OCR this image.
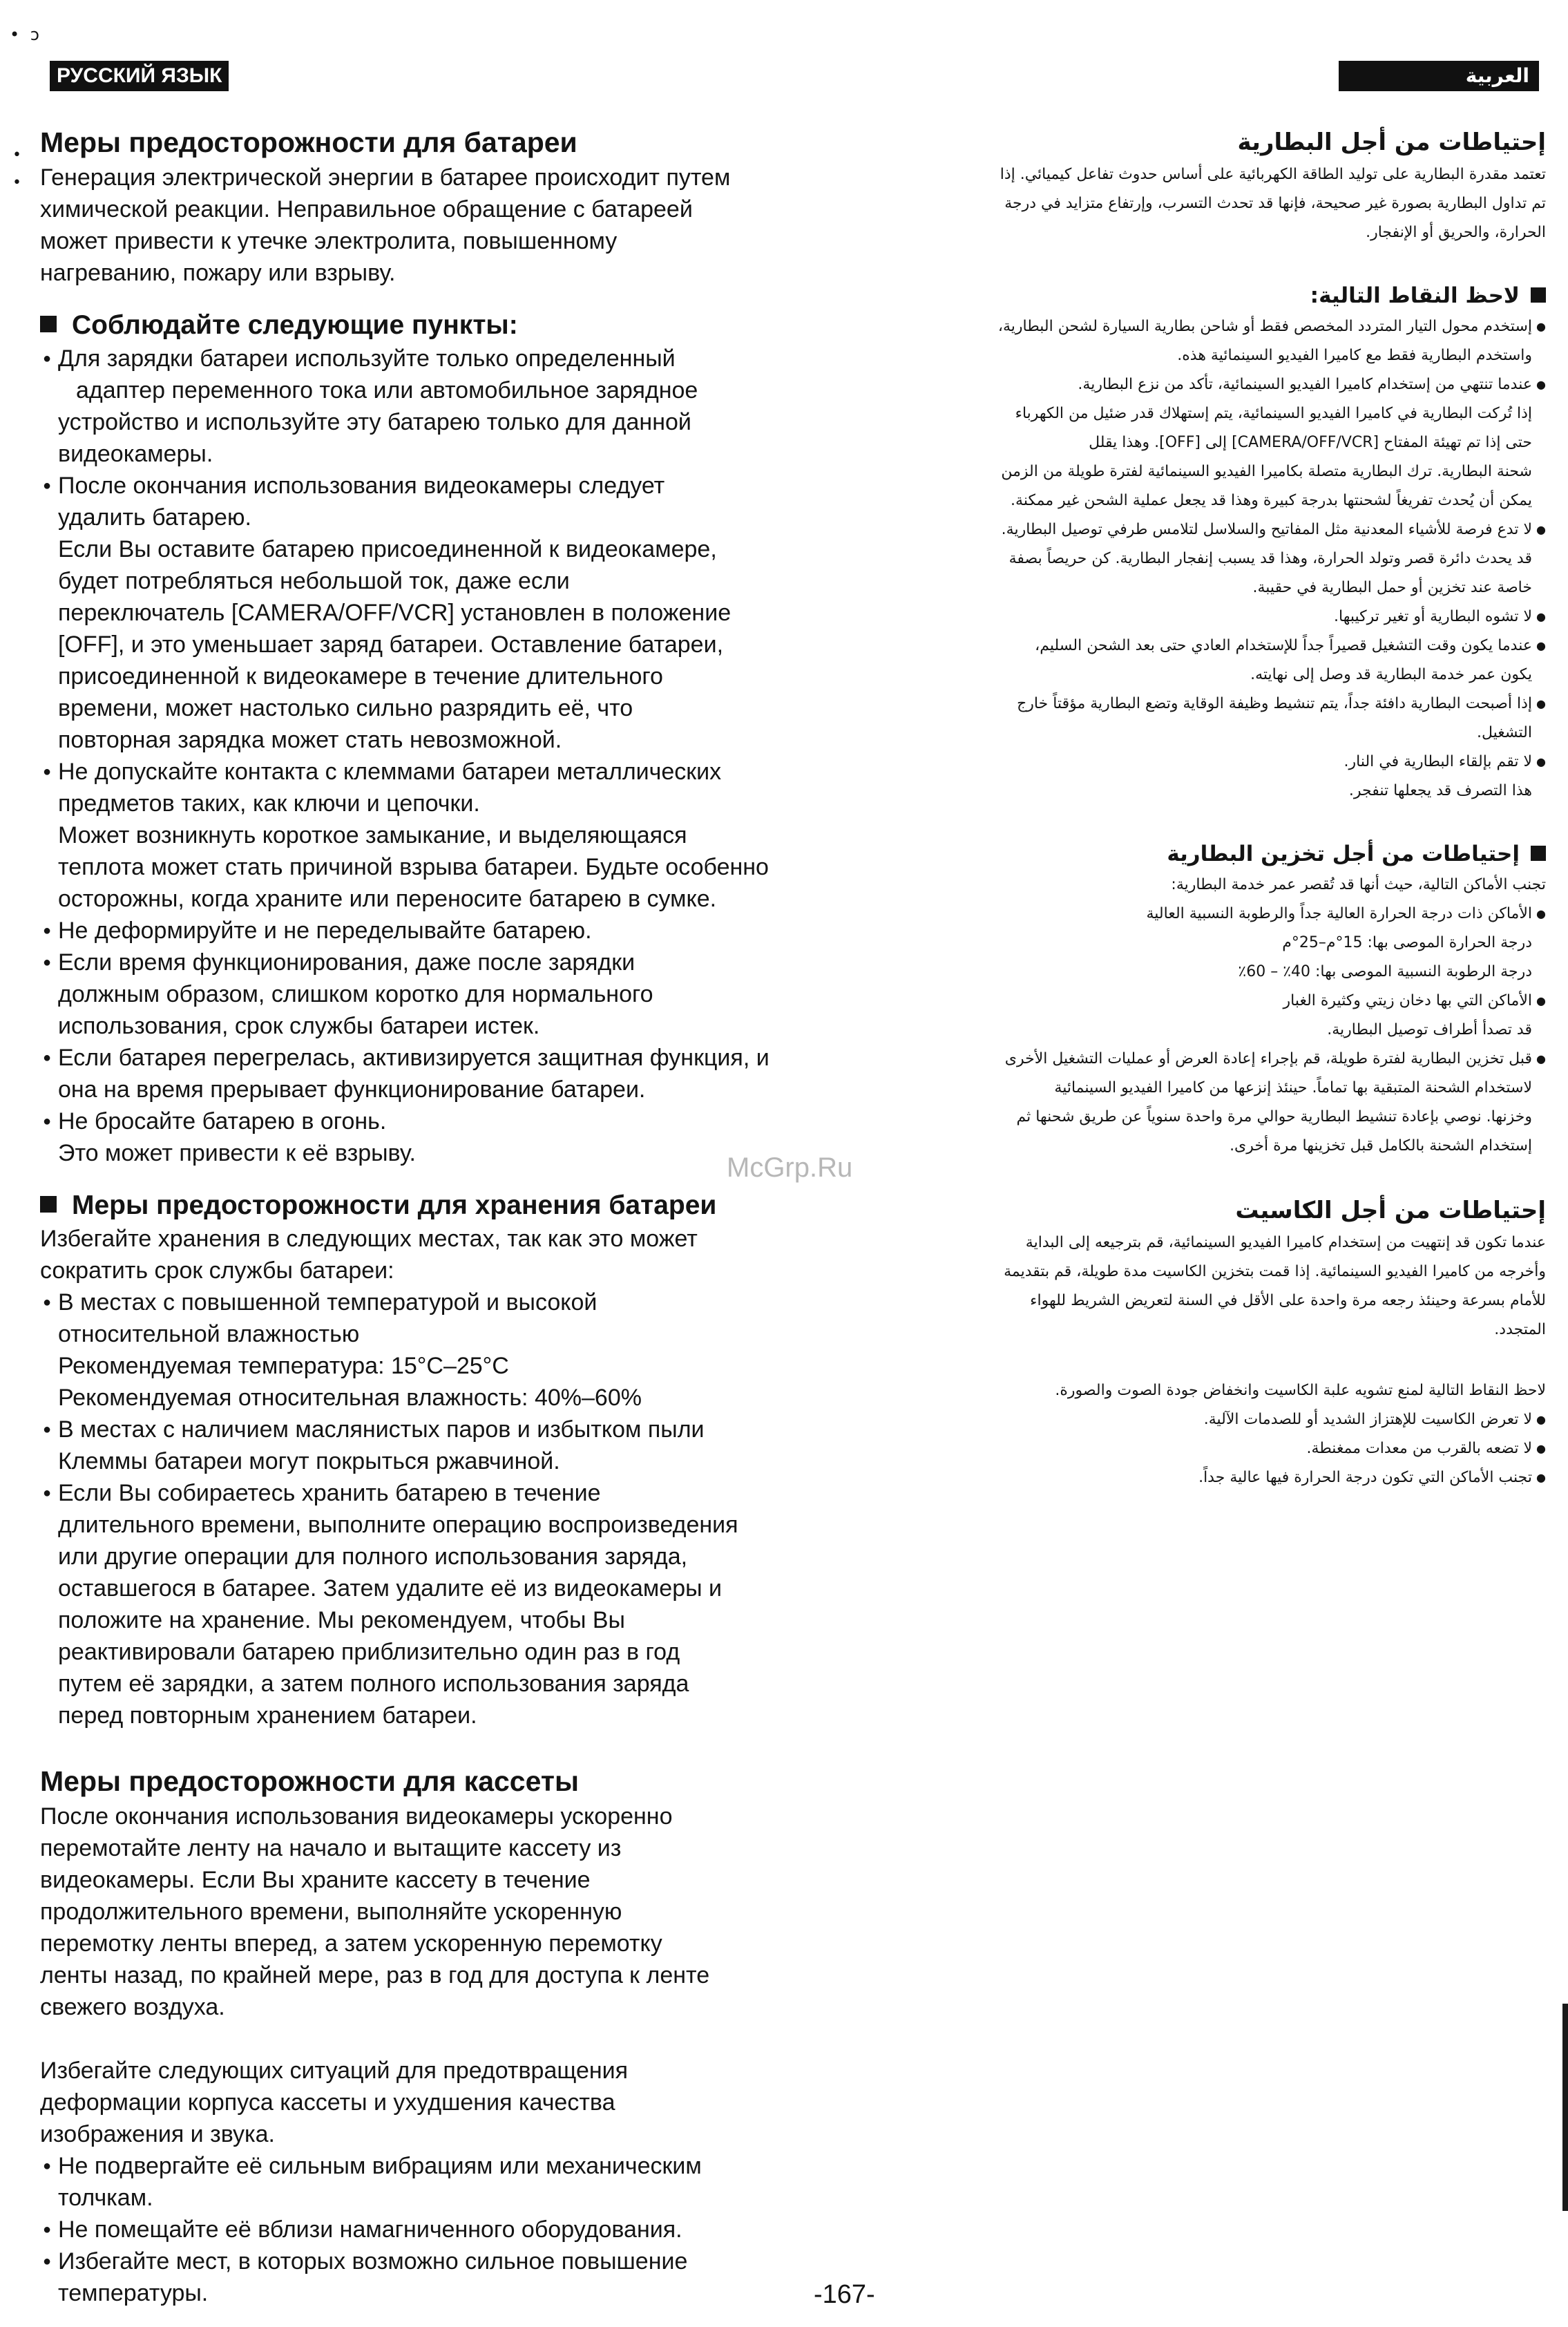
• ɔ
РУССКИЙ ЯЗЫК	العربية
•
•
Меры предосторожности для батареи

Генерация электрической энергии в батарее происходит путем

химической реакции. Неправильное обращение с батареей

может привести к утечке электролита, повышенному

нагреванию, пожару или взрыву.

Соблюдайте следующие пункты:

● Для зарядки батареи используйте только определенный

адаптер переменного тока или автомобильное зарядное

устройство и используйте эту батарею только для данной

видеокамеры.

● После окончания использования видеокамеры следует

удалить батарею.

Если Вы оставите батарею присоединенной к видеокамере,

будет потребляться небольшой ток, даже если

переключатель [CAMERA/OFF/VCR] установлен в положение

[OFF], и это уменьшает заряд батареи. Оставление батареи,

присоединенной к видеокамере в течение длительного

времени, может настолько сильно разрядить её, что

повторная зарядка может стать невозможной.

● Не допускайте контакта с клеммами батареи металлических

предметов таких, как ключи и цепочки.

Может возникнуть короткое замыкание, и выделяющаяся

теплота может стать причиной взрыва батареи. Будьте особенно

осторожны, когда храните или переносите батарею в сумке.

● Не деформируйте и не переделывайте батарею.

● Если время функционирования, даже после зарядки

должным образом, слишком коротко для нормального

использования, срок службы батареи истек.

● Если батарея перегрелась, активизируется защитная функция, и

она на время прерывает функционирование батареи.

● Не бросайте батарею в огонь.

Это может привести к её взрыву.

Меры предосторожности для хранения батареи

Избегайте хранения в следующих местах, так как это может

сократить срок службы батареи:

● В местах с повышенной температурой и высокой

относительной влажностью

Рекомендуемая температура: 15°C–25°C

Рекомендуемая относительная влажность: 40%–60%

● В местах с наличием маслянистых паров и избытком пыли

Клеммы батареи могут покрыться ржавчиной.

● Если Вы собираетесь хранить батарею в течение

длительного времени, выполните операцию воспроизведения

или другие операции для полного использования заряда,

оставшегося в батарее. Затем удалите её из видеокамеры и

положите на хранение. Мы рекомендуем, чтобы Вы

реактивировали батарею приблизительно один раз в год

путем её зарядки, а затем полного использования заряда

перед повторным хранением батареи.

Меры предосторожности для кассеты

После окончания использования видеокамеры ускоренно

перемотайте ленту на начало и вытащите кассету из

видеокамеры. Если Вы храните кассету в течение

продолжительного времени, выполняйте ускоренную

перемотку ленты вперед, а затем ускоренную перемотку

ленты назад, по крайней мере, раз в год для доступа к ленте

свежего воздуха.

Избегайте следующих ситуаций для предотвращения

деформации корпуса кассеты и ухудшения качества

изображения и звука.

● Не подвергайте её сильным вибрациям или механическим

толчкам.

● Не помещайте её вблизи намагниченного оборудования.

● Избегайте мест, в которых возможно сильное повышение

температуры.

إحتياطات من أجل البطارية

تعتمد مقدرة البطارية على توليد الطاقة الكهربائية على أساس حدوث تفاعل كيميائي. إذا

تم تداول البطارية بصورة غير صحيحة، فإنها قد تحدث التسرب، وإرتفاع متزايد في درجة

الحرارة، والحريق أو الإنفجار.

لاحظ النقاط التالية:

● إستخدم محول التيار المتردد المخصص فقط أو شاحن بطارية السيارة لشحن البطارية،

واستخدم البطارية فقط مع كاميرا الفيديو السينمائية هذه.

● عندما تنتهي من إستخدام كاميرا الفيديو السينمائية، تأكد من نزع البطارية.

إذا تُركت البطارية في كاميرا الفيديو السينمائية، يتم إستهلاك قدر ضئيل من الكهرباء

حتى إذا تم تهيئة المفتاح [CAMERA/OFF/VCR] إلى [OFF]. وهذا يقلل

شحنة البطارية. ترك البطارية متصلة بكاميرا الفيديو السينمائية لفترة طويلة من الزمن

يمكن أن يُحدث تفريغاً لشحنتها بدرجة كبيرة وهذا قد يجعل عملية الشحن غير ممكنة.

● لا تدع فرصة للأشياء المعدنية مثل المفاتيح والسلاسل لتلامس طرفي توصيل البطارية.

قد يحدث دائرة قصر وتولد الحرارة، وهذا قد يسبب إنفجار البطارية. كن حريصاً بصفة

خاصة عند تخزين أو حمل البطارية في حقيبة.

● لا تشوه البطارية أو تغير تركيبها.

● عندما يكون وقت التشغيل قصيراً جداً للإستخدام العادي حتى بعد الشحن السليم،

يكون عمر خدمة البطارية قد وصل إلى نهايته.

● إذا أصبحت البطارية دافئة جداً، يتم تنشيط وظيفة الوقاية وتضع البطارية مؤقتاً خارج

التشغيل.

● لا تقم بإلقاء البطارية في النار.

هذا التصرف قد يجعلها تنفجر.

إحتياطات من أجل تخزين البطارية

تجنب الأماكن التالية، حيث أنها قد تُقصر عمر خدمة البطارية:

● الأماكن ذات درجة الحرارة العالية جداً والرطوبة النسبية العالية

درجة الحرارة الموصى بها: 15°م–25°م

درجة الرطوبة النسبية الموصى بها: 40٪ – 60٪

● الأماكن التي بها دخان زيتي وكثيرة الغبار

قد تصدأ أطراف توصيل البطارية.

● قبل تخزين البطارية لفترة طويلة، قم بإجراء إعادة العرض أو عمليات التشغيل الأخرى

لاستخدام الشحنة المتبقية بها تماماً. حينئذ إنزعها من كاميرا الفيديو السينمائية

وخزنها. نوصي بإعادة تنشيط البطارية حوالي مرة واحدة سنوياً عن طريق شحنها ثم

إستخدام الشحنة بالكامل قبل تخزينها مرة أخرى.

إحتياطات من أجل الكاسيت

عندما تكون قد إنتهيت من إستخدام كاميرا الفيديو السينمائية، قم بترجيعه إلى البداية

وأخرجه من كاميرا الفيديو السينمائية. إذا قمت بتخزين الكاسيت مدة طويلة، قم بتقديمة

للأمام بسرعة وحينئذ رجعه مرة واحدة على الأقل في السنة لتعريض الشريط للهواء

المتجدد.

لاحظ النقاط التالية لمنع تشويه علبة الكاسيت وانخفاض جودة الصوت والصورة.

● لا تعرض الكاسيت للإهتزاز الشديد أو للصدمات الآلية.

● لا تضعه بالقرب من معدات ممغنطة.

● تجنب الأماكن التي تكون درجة الحرارة فيها عالية جداً.

McGrp.Ru
-167-
